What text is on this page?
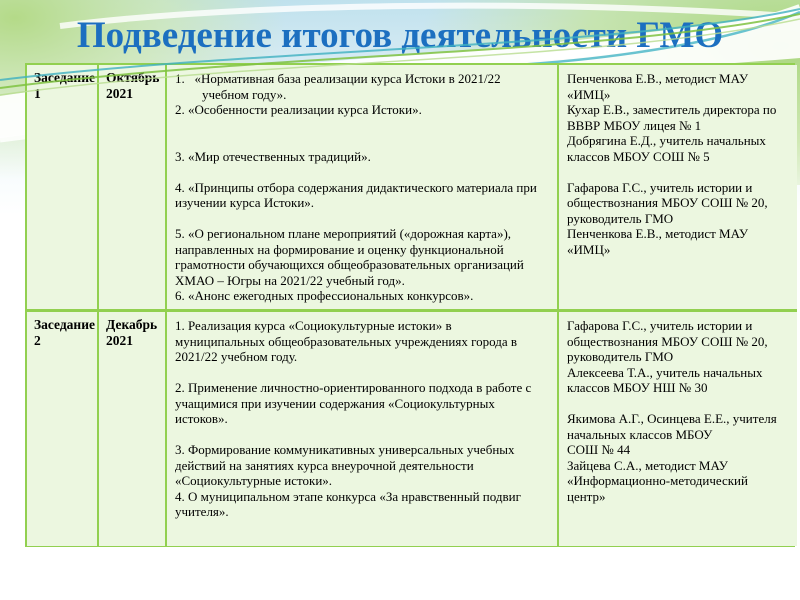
Подведение итогов деятельности ГМО
Заседание 1
Октябрь 2021

1.   «Нормативная база реализации курса Истоки в 2021/22 учебном году».

2. «Особенности реализации курса Истоки».

3. «Мир отечественных традиций».

4. «Принципы отбора содержания дидактического материала при изучении курса Истоки».

5. «О региональном плане мероприятий («дорожная карта»), направленных на формирование и оценку функциональной грамотности обучающихся общеобразовательных организаций ХМАО – Югры на 2021/22 учебный год».

6. «Анонс ежегодных профессиональных конкурсов».

Пенченкова Е.В., методист МАУ «ИМЦ»

Кухар Е.В., заместитель директора по ВВВР МБОУ лицея № 1

Добрягина Е.Д., учитель начальных классов МБОУ СОШ № 5

Гафарова Г.С., учитель истории и обществознания МБОУ СОШ № 20, руководитель ГМО

Пенченкова Е.В., методист МАУ «ИМЦ»

Заседание 2
Декабрь 2021

1. Реализация курса «Социокультурные истоки» в муниципальных общеобразовательных учреждениях города в 2021/22 учебном году.

2. Применение личностно-ориентированного подхода в работе с учащимися при изучении содержания «Социокультурных истоков».

3. Формирование коммуникативных универсальных учебных действий на занятиях курса внеурочной деятельности «Социокультурные истоки».

4. О муниципальном этапе конкурса «За нравственный подвиг учителя».

Гафарова Г.С., учитель истории и обществознания МБОУ СОШ № 20, руководитель ГМО

Алексеева Т.А., учитель начальных классов МБОУ НШ № 30

Якимова А.Г., Осинцева Е.Е., учителя начальных классов МБОУ

СОШ № 44

Зайцева С.А., методист МАУ «Информационно-методический центр»
